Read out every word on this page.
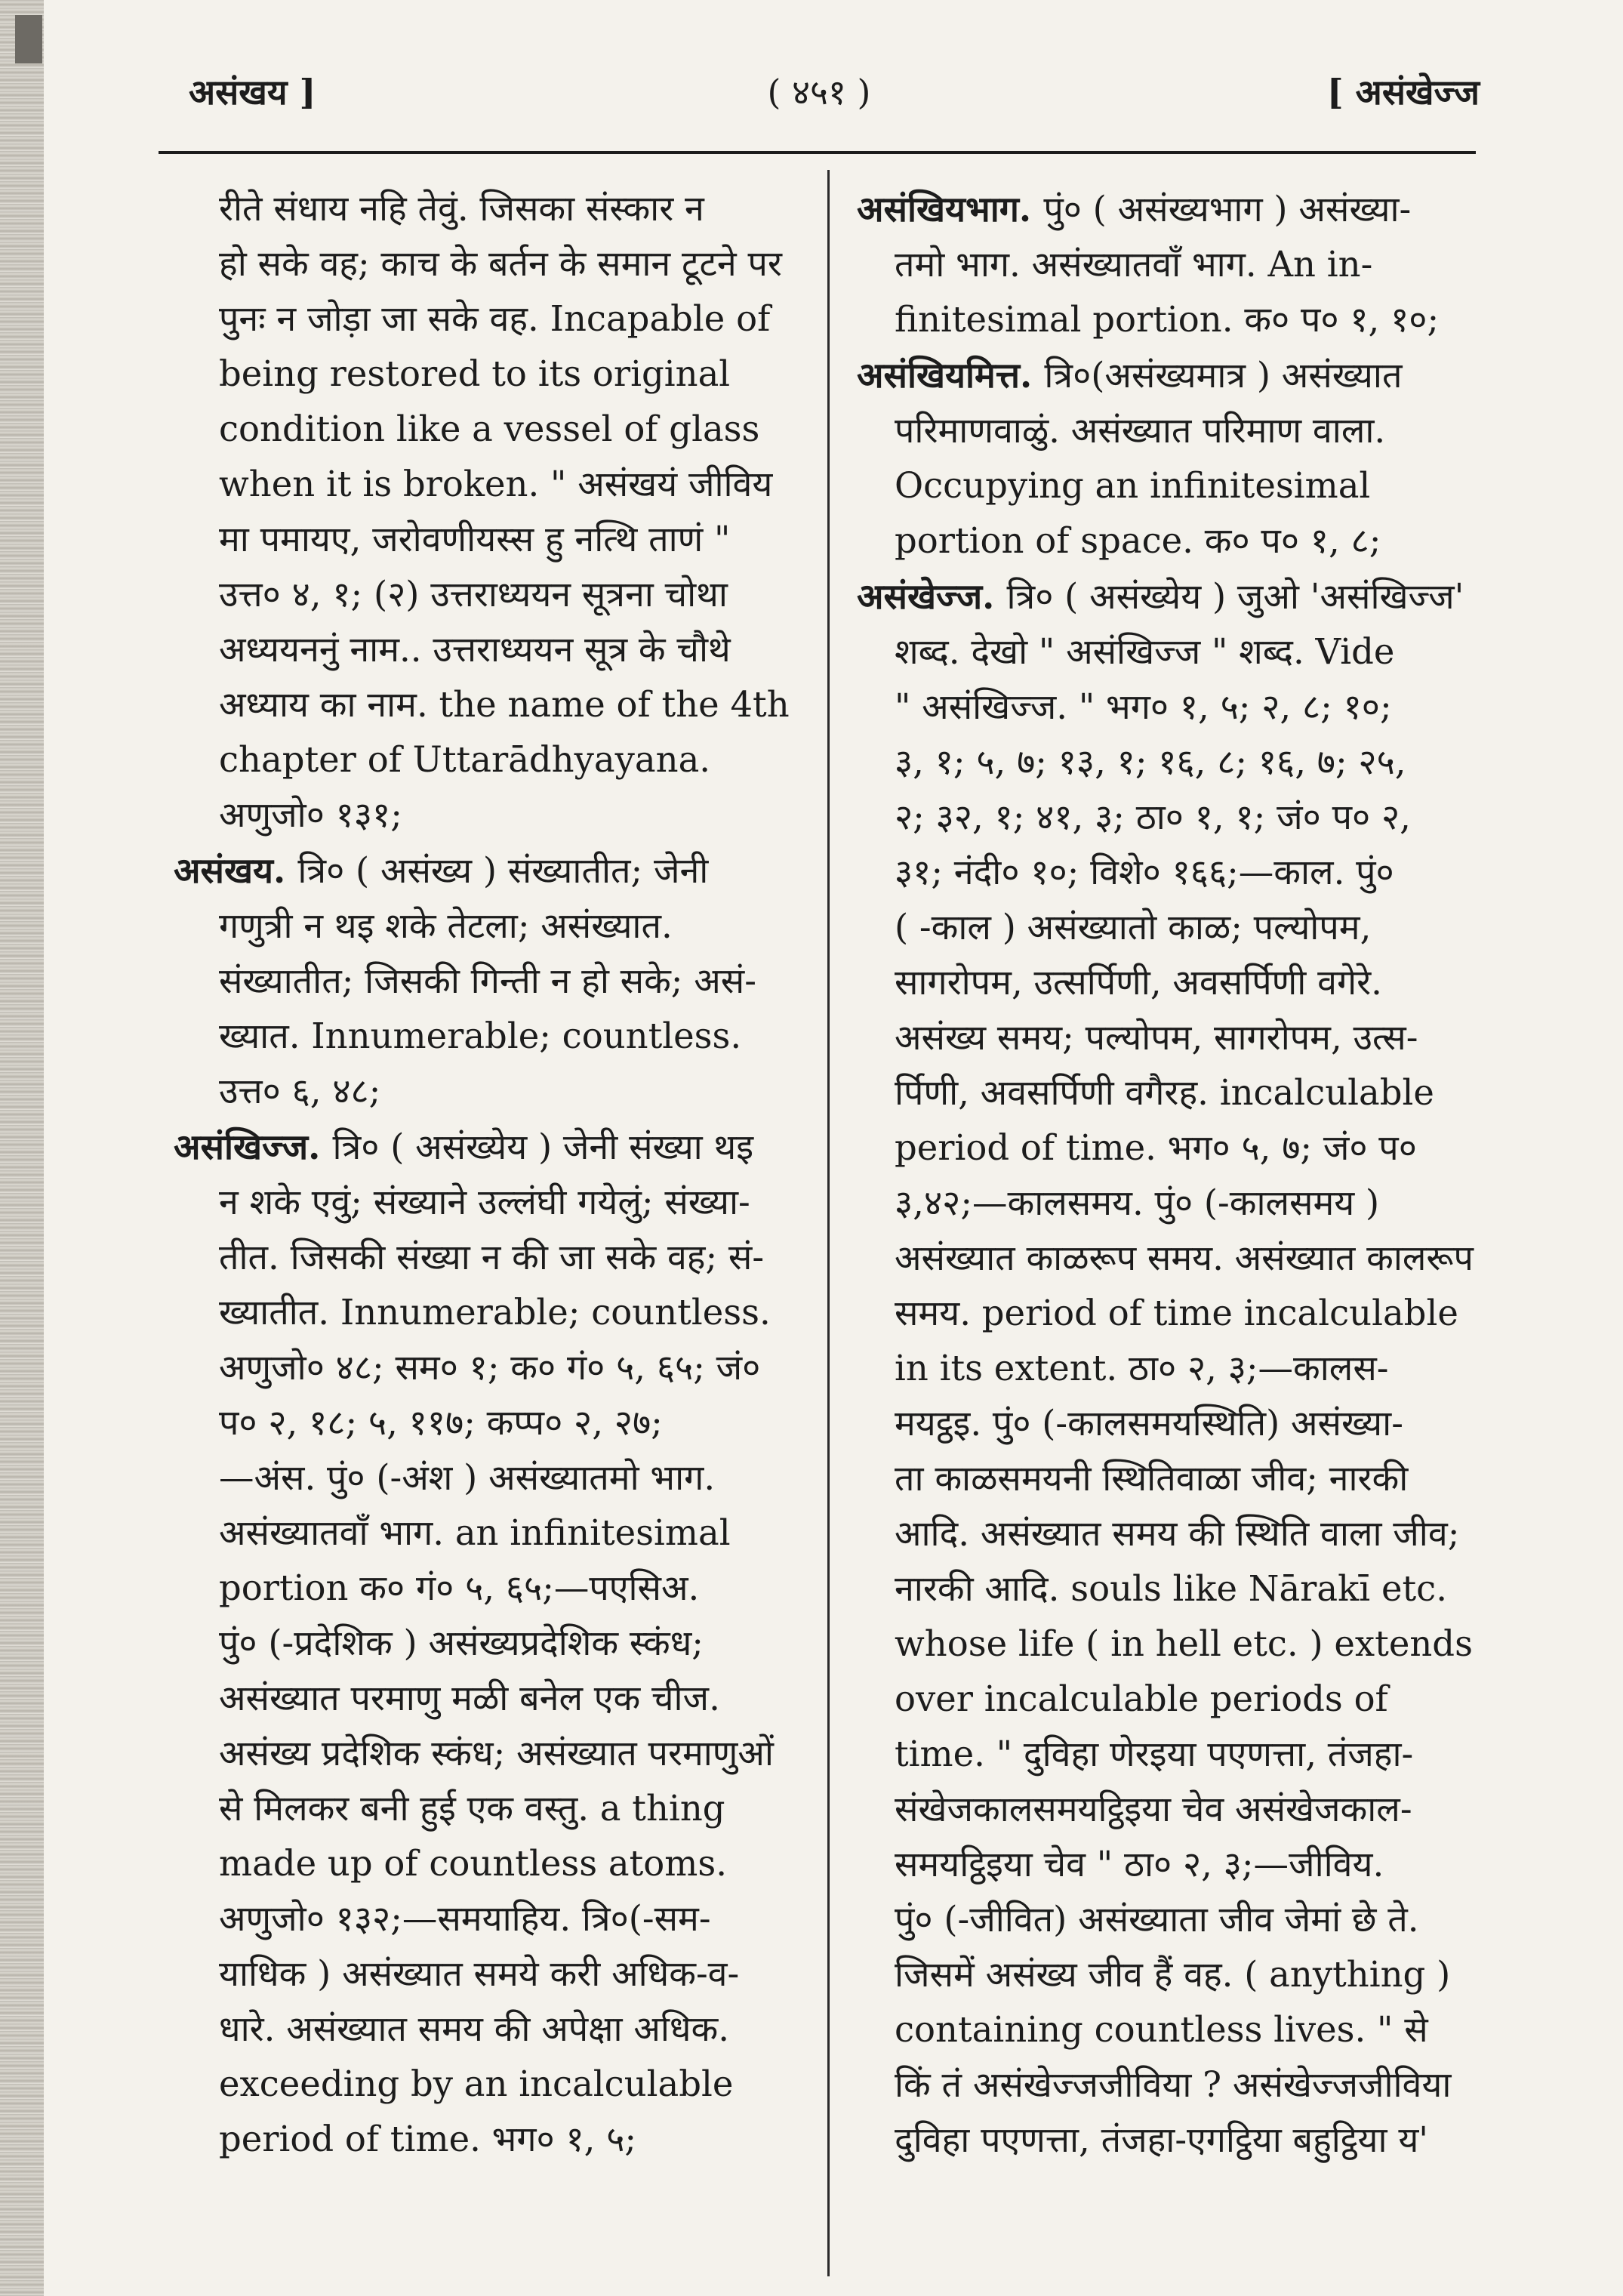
असंखय ]	( ४५१ )	[ असंखेज्ज

रीते संधाय नहि तेवुं. जिसका संस्कार न

हो सके वह; काच के बर्तन के समान टूटने पर

पुनः न जोड़ा जा सके वह. Incapable of

being restored to its original

condition like a vessel of glass

when it is broken. " असंखयं जीविय

मा पमायए, जरोवणीयस्स हु नत्थि ताणं "

उत्त० ४, १; (२) उत्तराध्ययन सूत्रना चोथा

अध्ययननुं नाम.. उत्तराध्ययन सूत्र के चौथे

अध्याय का नाम. the name of the 4th

chapter of Uttarādhyayana.

अणुजो० १३१;

असंखय. त्रि० ( असंख्य ) संख्यातीत; जेनी

गणुत्री न थइ शके तेटला; असंख्यात.

संख्यातीत; जिसकी गिन्ती न हो सके; असं-

ख्यात. Innumerable; countless.

उत्त० ६, ४८;

असंखिज्ज. त्रि० ( असंख्येय ) जेनी संख्या थइ

न शके एवुं; संख्याने उल्लंघी गयेलुं; संख्या-

तीत. जिसकी संख्या न की जा सके वह; सं-

ख्यातीत. Innumerable; countless.

अणुजो० ४८; सम० १; क० गं० ५, ६५; जं०

प० २, १८; ५, ११७; कप्प० २, २७;

—अंस. पुं० (-अंश ) असंख्यातमो भाग.

असंख्यातवाँ भाग. an infinitesimal

portion क० गं० ५, ६५;—पएसिअ.

पुं० (-प्रदेशिक ) असंख्यप्रदेशिक स्कंध;

असंख्यात परमाणु मळी बनेल एक चीज.

असंख्य प्रदेशिक स्कंध; असंख्यात परमाणुओं

से मिलकर बनी हुई एक वस्तु. a thing

made up of countless atoms.

अणुजो० १३२;—समयाहिय. त्रि०(-सम-

याधिक ) असंख्यात समये करी अधिक-व-

धारे. असंख्यात समय की अपेक्षा अधिक.

exceeding by an incalculable

period of time. भग० १, ५;

असंखियभाग. पुं० ( असंख्यभाग ) असंख्या-

तमो भाग. असंख्यातवाँ भाग. An in-

finitesimal portion. क० प० १, १०;

असंखियमित्त. त्रि०(असंख्यमात्र ) असंख्यात

परिमाणवाळुं. असंख्यात परिमाण वाला.

Occupying an infinitesimal

portion of space. क० प० १, ८;

असंखेज्ज. त्रि० ( असंख्येय ) जुओ 'असंखिज्ज'

शब्द. देखो " असंखिज्ज " शब्द. Vide

" असंखिज्ज. " भग० १, ५; २, ८; १०;

३, १; ५, ७; १३, १; १६, ८; १६, ७; २५,

२; ३२, १; ४१, ३; ठा० १, १; जं० प० २,

३१; नंदी० १०; विशे० १६६;—काल. पुं०

( -काल ) असंख्यातो काळ; पल्योपम,

सागरोपम, उत्सर्पिणी, अवसर्पिणी वगेरे.

असंख्य समय; पल्योपम, सागरोपम, उत्स-

र्पिणी, अवसर्पिणी वगैरह. incalculable

period of time. भग० ५, ७; जं० प०

३,४२;—कालसमय. पुं० (-कालसमय )

असंख्यात काळरूप समय. असंख्यात कालरूप

समय. period of time incalculable

in its extent. ठा० २, ३;—कालस-

मयट्ठइ. पुं० (-कालसमयस्थिति) असंख्या-

ता काळसमयनी स्थितिवाळा जीव; नारकी

आदि. असंख्यात समय की स्थिति वाला जीव;

नारकी आदि. souls like Nārakī etc.

whose life ( in hell etc. ) extends

over incalculable periods of

time. " दुविहा णेरइया पएणत्ता, तंजहा-

संखेजकालसमयट्ठिइया चेव असंखेजकाल-

समयट्ठिइया चेव " ठा० २, ३;—जीविय.

पुं० (-जीवित) असंख्याता जीव जेमां छे ते.

जिसमें असंख्य जीव हैं वह. ( anything )

containing countless lives. " से

किं तं असंखेज्जजीविया ? असंखेज्जजीविया

दुविहा पएणत्ता, तंजहा-एगट्ठिया बहुट्ठिया य'
